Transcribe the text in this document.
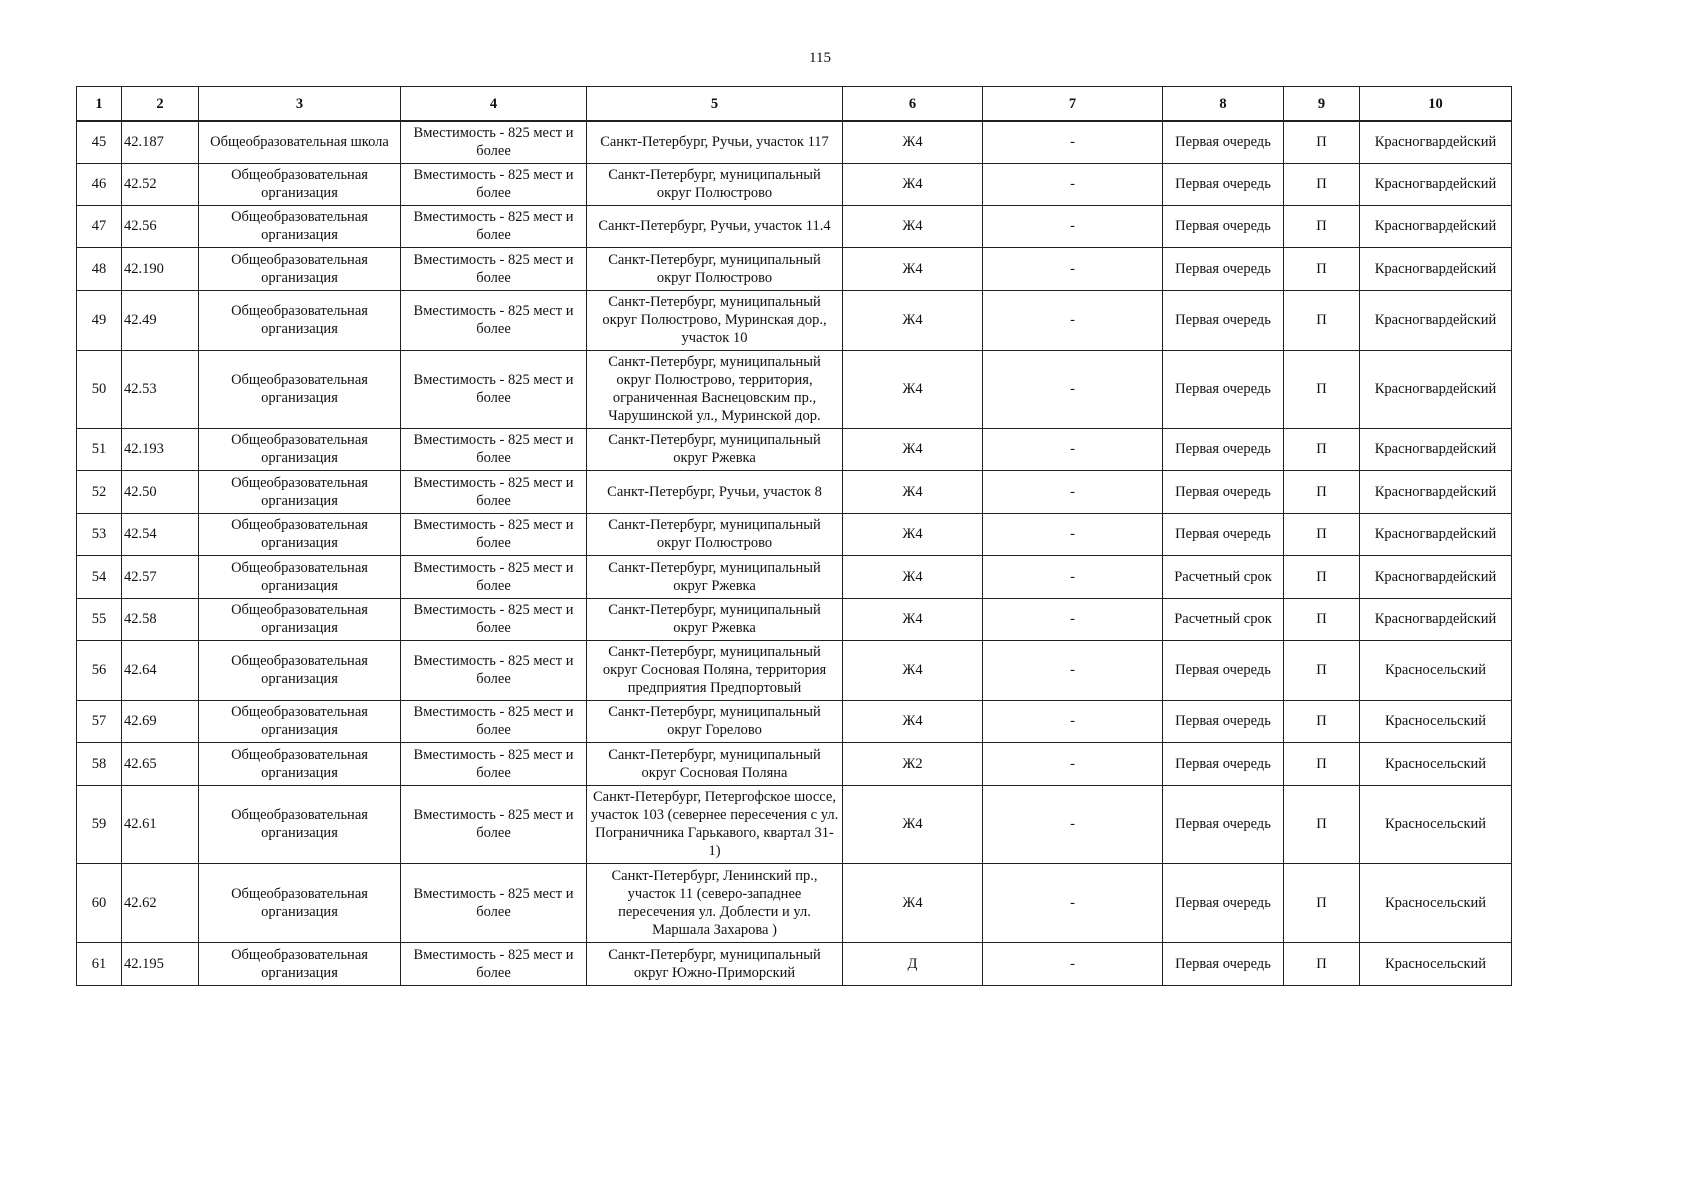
115
1	2	3	4	5	6	7	8	9	10
45	42.187	Общеобразовательная школа	Вместимость - 825 мест и более	Санкт-Петербург, Ручьи, участок 117	Ж4	-	Первая очередь	П	Красногвардейский
46	42.52	Общеобразовательная организация	Вместимость - 825 мест и более	Санкт-Петербург, муниципальный округ Полюстрово	Ж4	-	Первая очередь	П	Красногвардейский
47	42.56	Общеобразовательная организация	Вместимость - 825 мест и более	Санкт-Петербург, Ручьи, участок 11.4	Ж4	-	Первая очередь	П	Красногвардейский
48	42.190	Общеобразовательная организация	Вместимость - 825 мест и более	Санкт-Петербург, муниципальный округ Полюстрово	Ж4	-	Первая очередь	П	Красногвардейский
49	42.49	Общеобразовательная организация	Вместимость - 825 мест и более	Санкт-Петербург, муниципальный округ Полюстрово, Муринская дор., участок 10	Ж4	-	Первая очередь	П	Красногвардейский
50	42.53	Общеобразовательная организация	Вместимость - 825 мест и более	Санкт-Петербург, муниципальный округ Полюстрово, территория, ограниченная Васнецовским пр., Чарушинской ул., Муринской дор.	Ж4	-	Первая очередь	П	Красногвардейский
51	42.193	Общеобразовательная организация	Вместимость - 825 мест и более	Санкт-Петербург, муниципальный округ Ржевка	Ж4	-	Первая очередь	П	Красногвардейский
52	42.50	Общеобразовательная организация	Вместимость - 825 мест и более	Санкт-Петербург, Ручьи, участок 8	Ж4	-	Первая очередь	П	Красногвардейский
53	42.54	Общеобразовательная организация	Вместимость - 825 мест и более	Санкт-Петербург, муниципальный округ Полюстрово	Ж4	-	Первая очередь	П	Красногвардейский
54	42.57	Общеобразовательная организация	Вместимость - 825 мест и более	Санкт-Петербург, муниципальный округ Ржевка	Ж4	-	Расчетный срок	П	Красногвардейский
55	42.58	Общеобразовательная организация	Вместимость - 825 мест и более	Санкт-Петербург, муниципальный округ Ржевка	Ж4	-	Расчетный срок	П	Красногвардейский
56	42.64	Общеобразовательная организация	Вместимость - 825 мест и более	Санкт-Петербург, муниципальный округ Сосновая Поляна, территория предприятия Предпортовый	Ж4	-	Первая очередь	П	Красносельский
57	42.69	Общеобразовательная организация	Вместимость - 825 мест и более	Санкт-Петербург, муниципальный округ Горелово	Ж4	-	Первая очередь	П	Красносельский
58	42.65	Общеобразовательная организация	Вместимость - 825 мест и более	Санкт-Петербург, муниципальный округ Сосновая Поляна	Ж2	-	Первая очередь	П	Красносельский
59	42.61	Общеобразовательная организация	Вместимость - 825 мест и более	Санкт-Петербург, Петергофское шоссе, участок 103 (севернее пересечения с ул. Пограничника Гарькавого, квартал 31-1)	Ж4	-	Первая очередь	П	Красносельский
60	42.62	Общеобразовательная организация	Вместимость - 825 мест и более	Санкт-Петербург, Ленинский пр., участок 11 (северо-западнее пересечения ул. Доблести и ул. Маршала Захарова )	Ж4	-	Первая очередь	П	Красносельский
61	42.195	Общеобразовательная организация	Вместимость - 825 мест и более	Санкт-Петербург, муниципальный округ Южно-Приморский	Д	-	Первая очередь	П	Красносельский
